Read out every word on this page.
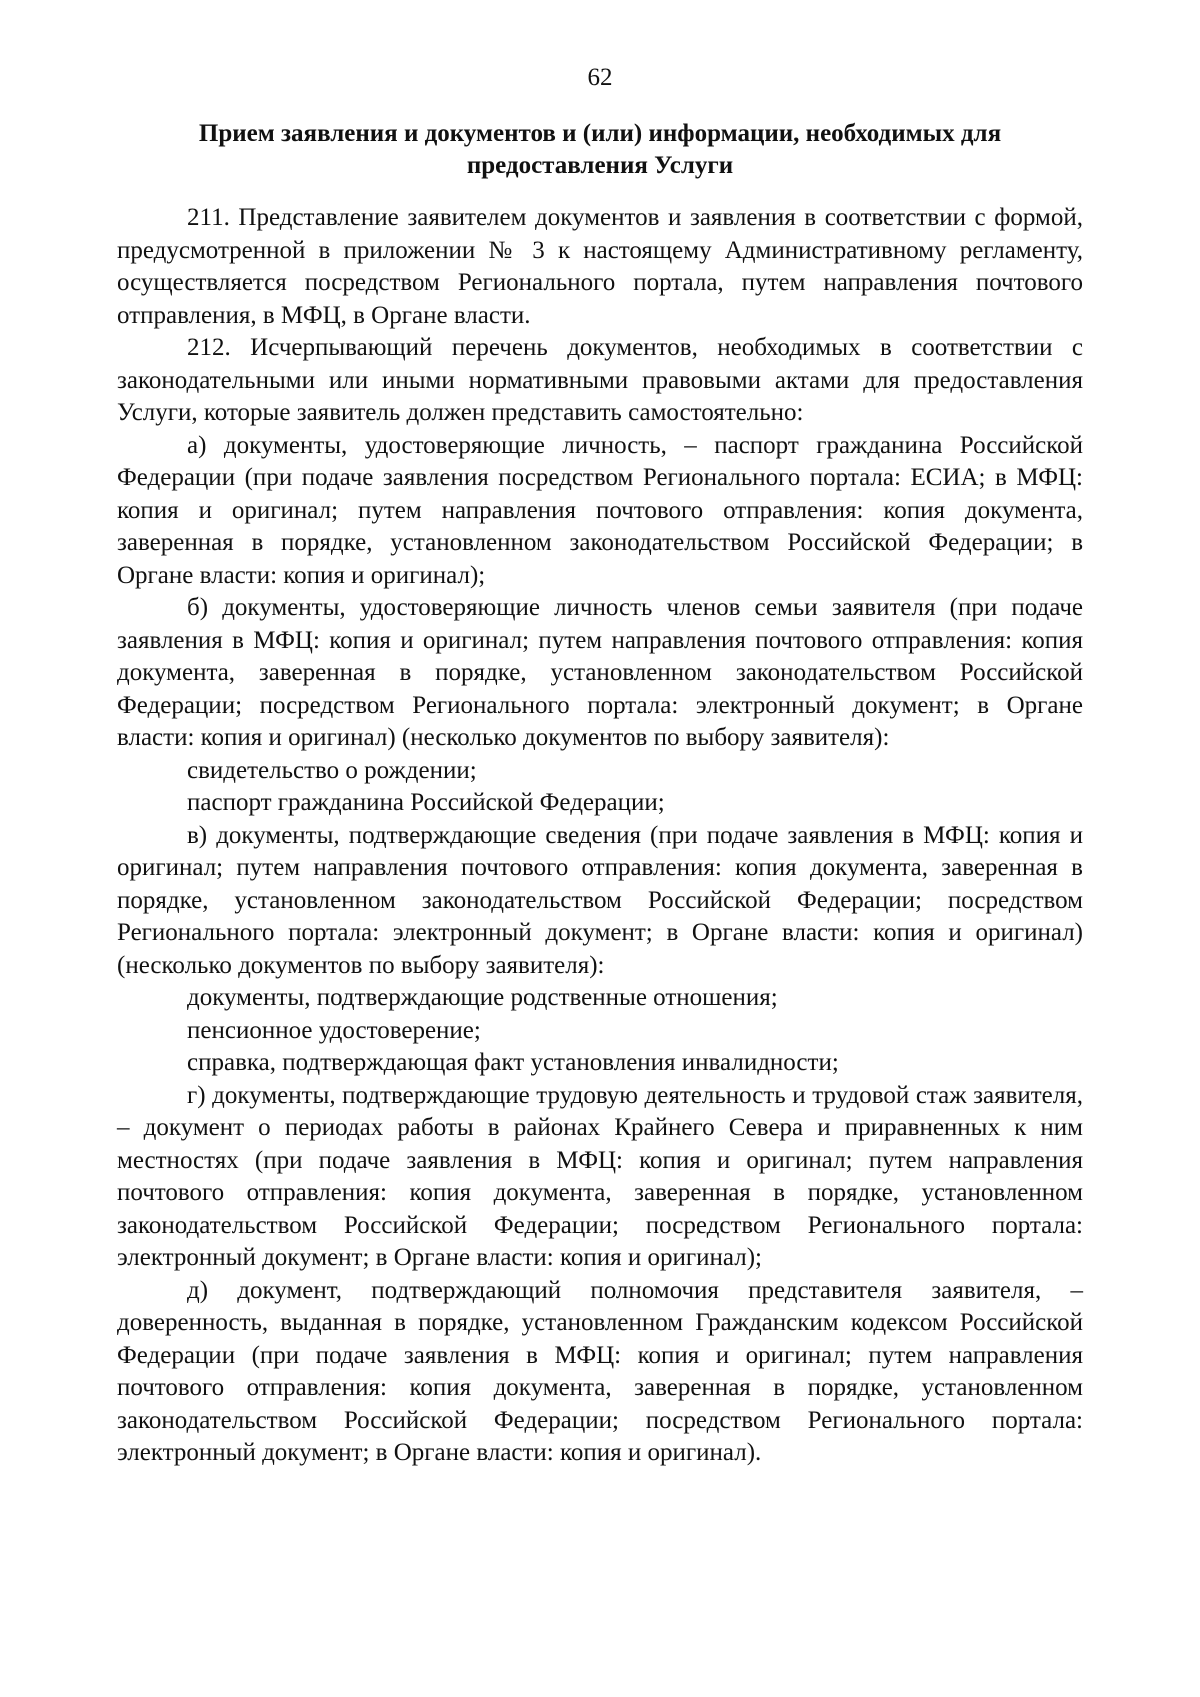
62
Прием заявления и документов и (или) информации, необходимых для
предоставления Услуги

211. Представление заявителем документов и заявления в соответствии с формой, предусмотренной в приложении № 3 к настоящему Административному регламенту, осуществляется посредством Регионального портала, путем направления почтового отправления, в МФЦ, в Органе власти.

212. Исчерпывающий перечень документов, необходимых в соответствии с законодательными или иными нормативными правовыми актами для предоставления Услуги, которые заявитель должен представить самостоятельно:

а) документы, удостоверяющие личность, – паспорт гражданина Российской Федерации (при подаче заявления посредством Регионального портала: ЕСИА; в МФЦ: копия и оригинал; путем направления почтового отправления: копия документа, заверенная в порядке, установленном законодательством Российской Федерации; в Органе власти: копия и оригинал);

б) документы, удостоверяющие личность членов семьи заявителя (при подаче заявления в МФЦ: копия и оригинал; путем направления почтового отправления: копия документа, заверенная в порядке, установленном законодательством Российской Федерации; посредством Регионального портала: электронный документ; в Органе власти: копия и оригинал) (несколько документов по выбору заявителя):

свидетельство о рождении;

паспорт гражданина Российской Федерации;

в) документы, подтверждающие сведения (при подаче заявления в МФЦ: копия и оригинал; путем направления почтового отправления: копия документа, заверенная в порядке, установленном законодательством Российской Федерации; посредством Регионального портала: электронный документ; в Органе власти: копия и оригинал) (несколько документов по выбору заявителя):

документы, подтверждающие родственные отношения;

пенсионное удостоверение;

справка, подтверждающая факт установления инвалидности;

г) документы, подтверждающие трудовую деятельность и трудовой стаж заявителя, – документ о периодах работы в районах Крайнего Севера и приравненных к ним местностях (при подаче заявления в МФЦ: копия и оригинал; путем направления почтового отправления: копия документа, заверенная в порядке, установленном законодательством Российской Федерации; посредством Регионального портала: электронный документ; в Органе власти: копия и оригинал);

д) документ, подтверждающий полномочия представителя заявителя, – доверенность, выданная в порядке, установленном Гражданским кодексом Российской Федерации (при подаче заявления в МФЦ: копия и оригинал; путем направления почтового отправления: копия документа, заверенная в порядке, установленном законодательством Российской Федерации; посредством Регионального портала: электронный документ; в Органе власти: копия и оригинал).
